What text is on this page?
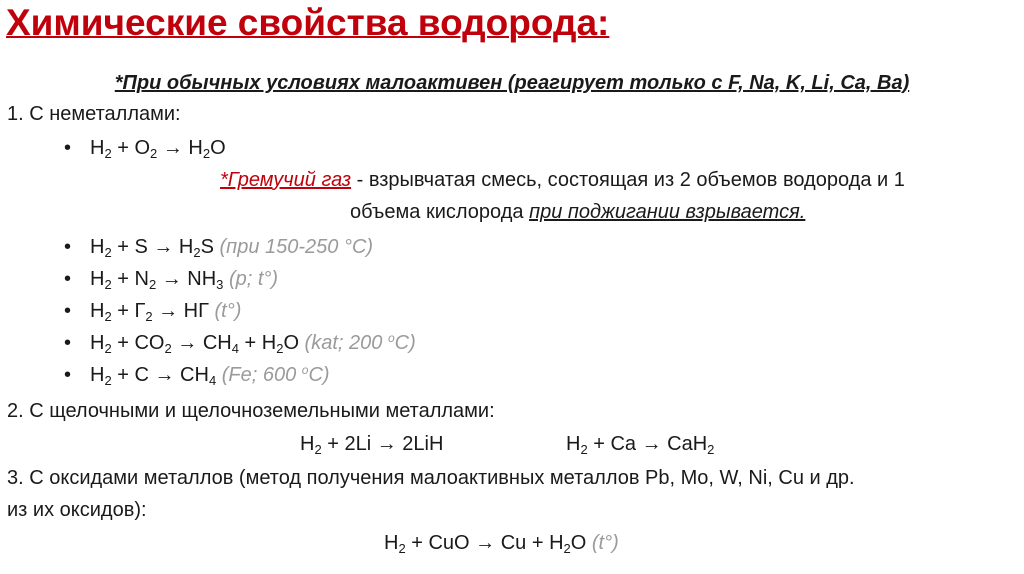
Химические свойства водорода:
*При обычных условиях малоактивен (реагирует только с F, Na, K, Li, Ca, Ba)
1. С неметаллами:
• $H_2 + O_2 \to H_2O$
*Гремучий газ - взрывчатая смесь, состоящая из 2 объемов водорода и 1
объема кислорода при поджигании взрывается.
• $H_2 + S \to H_2S$ (при 150-250 °С)
• $H_2 + N_2 \to NH_3$ (p; t°)
• $H_2 + Г_2$ → HГ (t°)
• $H_2 + CO_2 \to CH_4 + H_2O$ (kat; 200 $^o$C)
• $H_2 + C \to CH_4$ (Fe; 600 $^o$C)
2. С щелочными и щелочноземельными металлами:
$H_2 + 2Li \to 2LiH$	$H_2 + Ca \to CaH_2$
3. С оксидами металлов (метод получения малоактивных металлов Pb, Mo, W, Ni, Cu и др.
из их оксидов):
$H_2$ + CuO → $Cu + H_2O$ (t°)
